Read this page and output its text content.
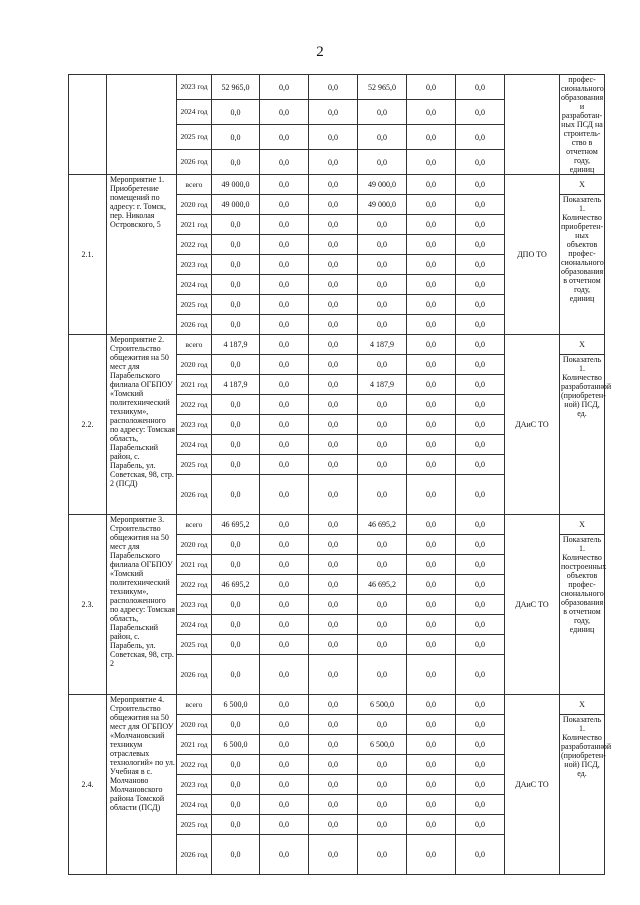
2
		2023 год	52 965,0	0,0	0,0	52 965,0	0,0	0,0		профес-сионального образования и разработан-ных ПСД на строитель-ство в отчетном году, единиц	
		2024 год	0,0	0,0	0,0	0,0	0,0	0,0	
		2025 год	0,0	0,0	0,0	0,0	0,0	0,0	
		2026 год	0,0	0,0	0,0	0,0	0,0	0,0	
2.1.	Мероприятие 1. Приобретение помещений по адресу: г. Томск, пер. Николая Островского, 5	всего	49 000,0	0,0	0,0	49 000,0	0,0	0,0	ДПО ТО	Х	
		2020 год	49 000,0	0,0	0,0	49 000,0	0,0	0,0		Показатель 1. Количество приобретен-ных объектов профес-сионального образования в отчетном году, единиц	
		2021 год	0,0	0,0	0,0	0,0	0,0	0,0	
		2022 год	0,0	0,0	0,0	0,0	0,0	0,0	
		2023 год	0,0	0,0	0,0	0,0	0,0	0,0	
		2024 год	0,0	0,0	0,0	0,0	0,0	0,0	
		2025 год	0,0	0,0	0,0	0,0	0,0	0,0	
		2026 год	0,0	0,0	0,0	0,0	0,0	0,0	
2.2.	Мероприятие 2. Строительство общежития на 50 мест для Парабельского филиала ОГБПОУ «Томский политехнический техникум», расположенного по адресу: Томская область, Парабельский район, с. Парабель, ул. Советская, 98, стр. 2 (ПСД)	всего	4 187,9	0,0	0,0	4 187,9	0,0	0,0	ДАиС ТО	Х	
		2020 год	0,0	0,0	0,0	0,0	0,0	0,0		Показатель 1. Количество разработанной (приобретен-ной) ПСД, ед.	
		2021 год	4 187,9	0,0	0,0	4 187,9	0,0	0,0	
		2022 год	0,0	0,0	0,0	0,0	0,0	0,0	
		2023 год	0,0	0,0	0,0	0,0	0,0	0,0	
		2024 год	0,0	0,0	0,0	0,0	0,0	0,0	
		2025 год	0,0	0,0	0,0	0,0	0,0	0,0	
		2026 год	0,0	0,0	0,0	0,0	0,0	0,0	
2.3.	Мероприятие 3. Строительство общежития на 50 мест для Парабельского филиала ОГБПОУ «Томский политехнический техникум», расположенного по адресу: Томская область, Парабельский район, с. Парабель, ул. Советская, 98, стр. 2	всего	46 695,2	0,0	0,0	46 695,2	0,0	0,0	ДАиС ТО	Х	
		2020 год	0,0	0,0	0,0	0,0	0,0	0,0		Показатель 1. Количество построенных объектов профес-сионального образования в отчетном году, единиц	
		2021 год	0,0	0,0	0,0	0,0	0,0	0,0	
		2022 год	46 695,2	0,0	0,0	46 695,2	0,0	0,0	
		2023 год	0,0	0,0	0,0	0,0	0,0	0,0	
		2024 год	0,0	0,0	0,0	0,0	0,0	0,0	
		2025 год	0,0	0,0	0,0	0,0	0,0	0,0	
		2026 год	0,0	0,0	0,0	0,0	0,0	0,0	
2.4.	Мероприятие 4. Строительство общежития на 50 мест для ОГБПОУ «Молчановский техникум отраслевых технологий» по ул. Учебная в с. Молчаново Молчановского района Томской области (ПСД)	всего	6 500,0	0,0	0,0	6 500,0	0,0	0,0	ДАиС ТО	Х	
		2020 год	0,0	0,0	0,0	0,0	0,0	0,0		Показатель 1. Количество разработанной (приобретен-ной) ПСД, ед.	
		2021 год	6 500,0	0,0	0,0	6 500,0	0,0	0,0	
		2022 год	0,0	0,0	0,0	0,0	0,0	0,0	
		2023 год	0,0	0,0	0,0	0,0	0,0	0,0	
		2024 год	0,0	0,0	0,0	0,0	0,0	0,0	
		2025 год	0,0	0,0	0,0	0,0	0,0	0,0	
		2026 год	0,0	0,0	0,0	0,0	0,0	0,0	
